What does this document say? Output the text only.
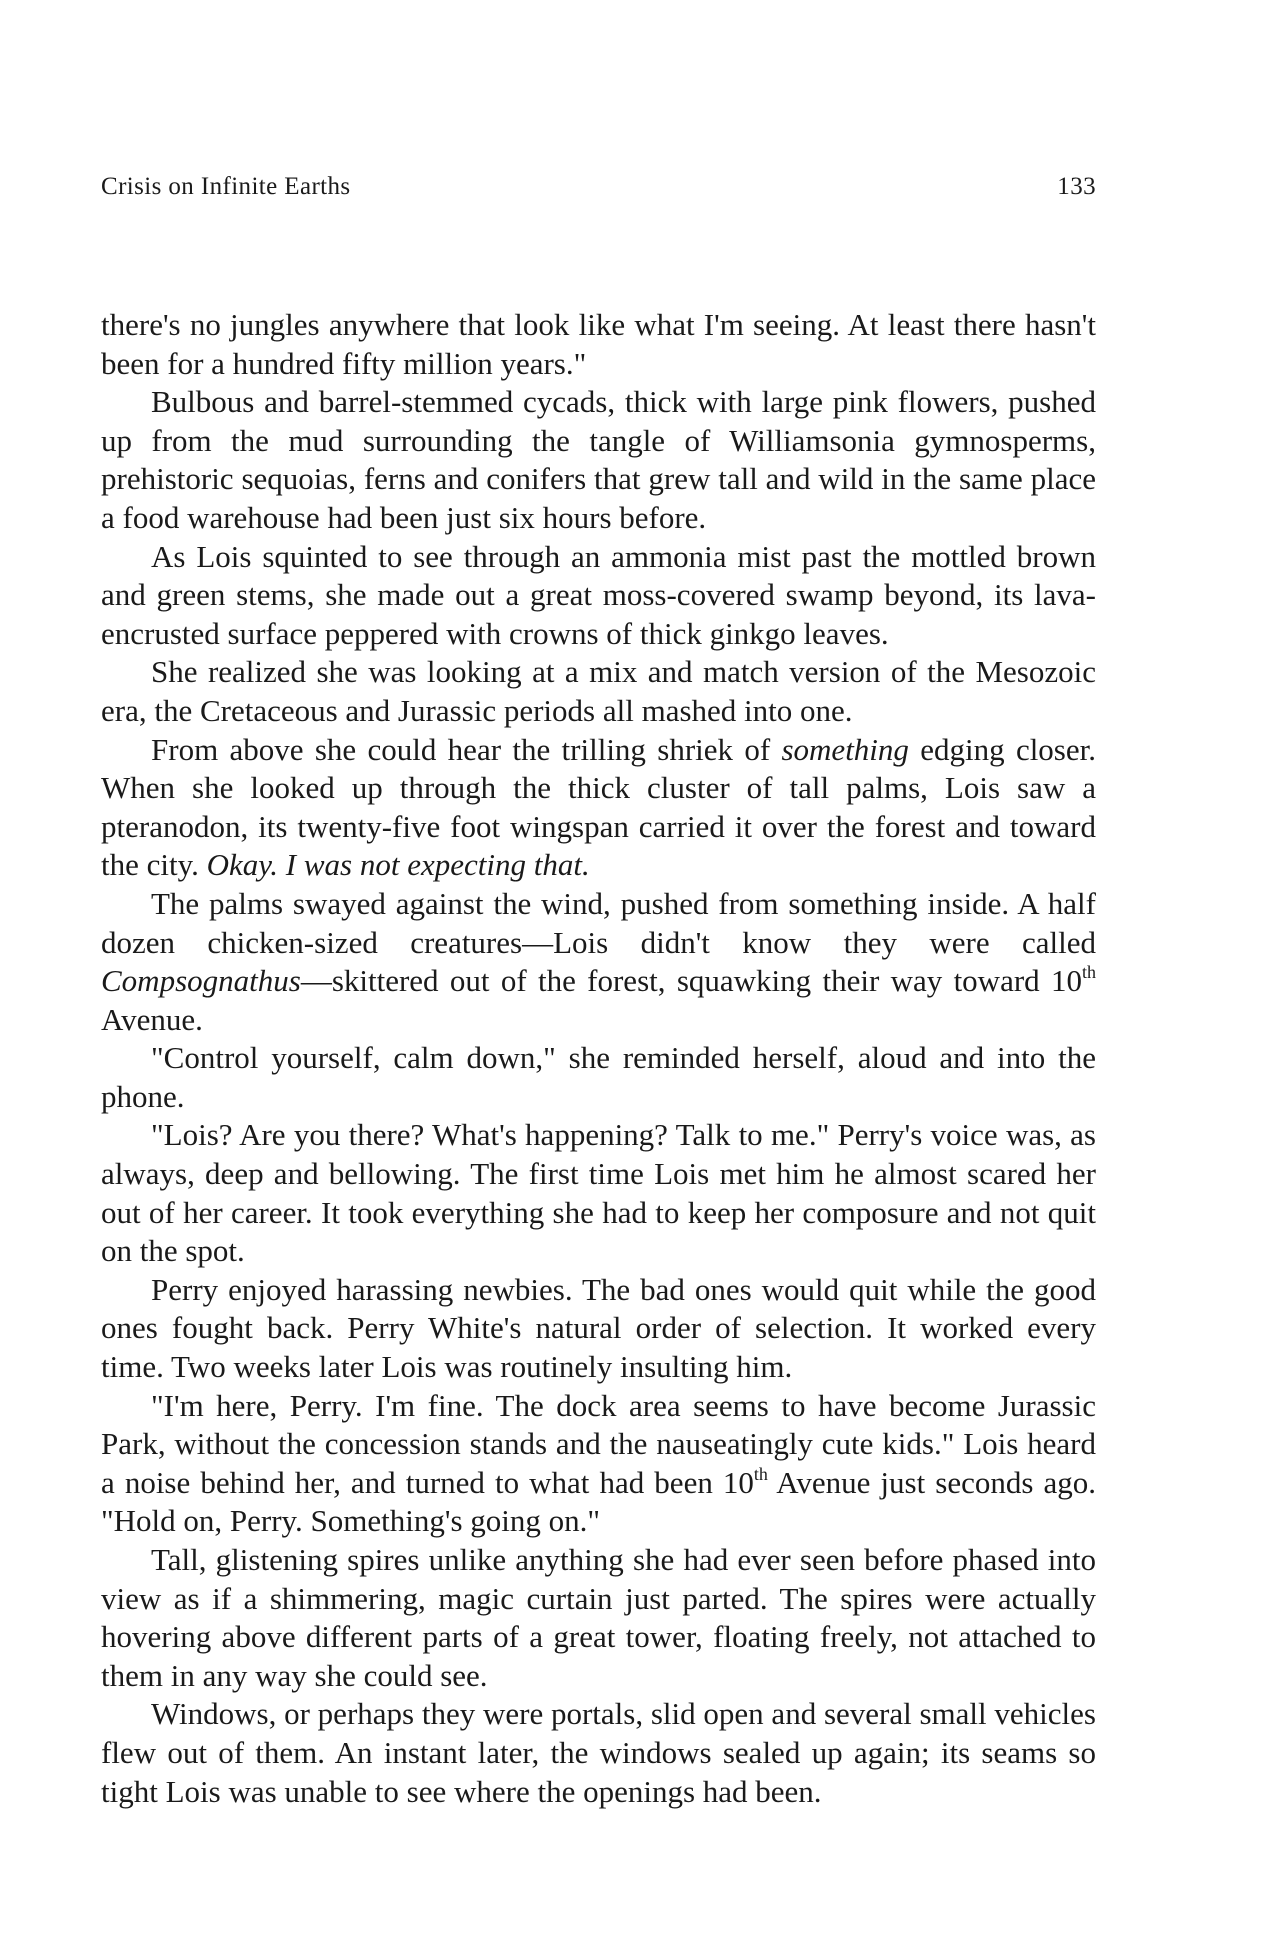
Crisis on Infinite Earths	133

there's no jungles anywhere that look like what I'm seeing. At least there hasn't been for a hundred fifty million years."

Bulbous and barrel-stemmed cycads, thick with large pink flowers, pushed up from the mud surrounding the tangle of Williamsonia gymnosperms, prehistoric sequoias, ferns and conifers that grew tall and wild in the same place a food warehouse had been just six hours before.

As Lois squinted to see through an ammonia mist past the mottled brown and green stems, she made out a great moss-covered swamp beyond, its lava-encrusted surface peppered with crowns of thick ginkgo leaves.

She realized she was looking at a mix and match version of the Mesozoic era, the Cretaceous and Jurassic periods all mashed into one.

From above she could hear the trilling shriek of something edging closer. When she looked up through the thick cluster of tall palms, Lois saw a pteranodon, its twenty-five foot wingspan carried it over the forest and toward the city. Okay. I was not expecting that.

The palms swayed against the wind, pushed from something inside. A half dozen chicken-sized creatures—Lois didn't know they were called Compsognathus—skittered out of the forest, squawking their way toward 10th Avenue.

"Control yourself, calm down," she reminded herself, aloud and into the phone.

"Lois? Are you there? What's happening? Talk to me." Perry's voice was, as always, deep and bellowing. The first time Lois met him he almost scared her out of her career. It took everything she had to keep her composure and not quit on the spot.

Perry enjoyed harassing newbies. The bad ones would quit while the good ones fought back. Perry White's natural order of selection. It worked every time. Two weeks later Lois was routinely insulting him.

"I'm here, Perry. I'm fine. The dock area seems to have become Jurassic Park, without the concession stands and the nauseatingly cute kids." Lois heard a noise behind her, and turned to what had been 10th Avenue just seconds ago. "Hold on, Perry. Something's going on."

Tall, glistening spires unlike anything she had ever seen before phased into view as if a shimmering, magic curtain just parted. The spires were actually hovering above different parts of a great tower, floating freely, not attached to them in any way she could see.

Windows, or perhaps they were portals, slid open and several small vehicles flew out of them. An instant later, the windows sealed up again; its seams so tight Lois was unable to see where the openings had been.
